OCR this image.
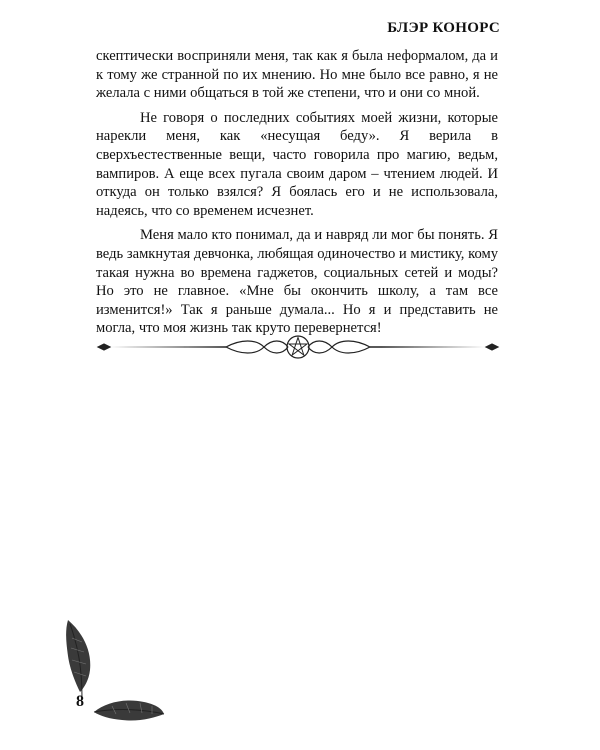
БЛЭР КОНОРС

скептически восприняли меня, так как я была неформалом, да и к тому же странной по их мнению. Но мне было все равно, я не желала с ними общаться в той же степени, что и они со мной.

Не говоря о последних событиях моей жизни, которые нарекли меня, как «несущая беду». Я верила в сверхъестественные вещи, часто говорила про магию, ведьм, вампиров. А еще всех пугала своим даром – чтением людей. И откуда он только взялся? Я боялась его и не использовала, надеясь, что со временем исчезнет.

Меня мало кто понимал, да и навряд ли мог бы понять. Я ведь замкнутая девчонка, любящая одиночество и мистику, кому такая нужна во времена гаджетов, социальных сетей и моды? Но это не главное. «Мне бы окончить школу, а там все изменится!» Так я раньше думала... Но я и представить не могла, что моя жизнь так круто перевернется!

8
